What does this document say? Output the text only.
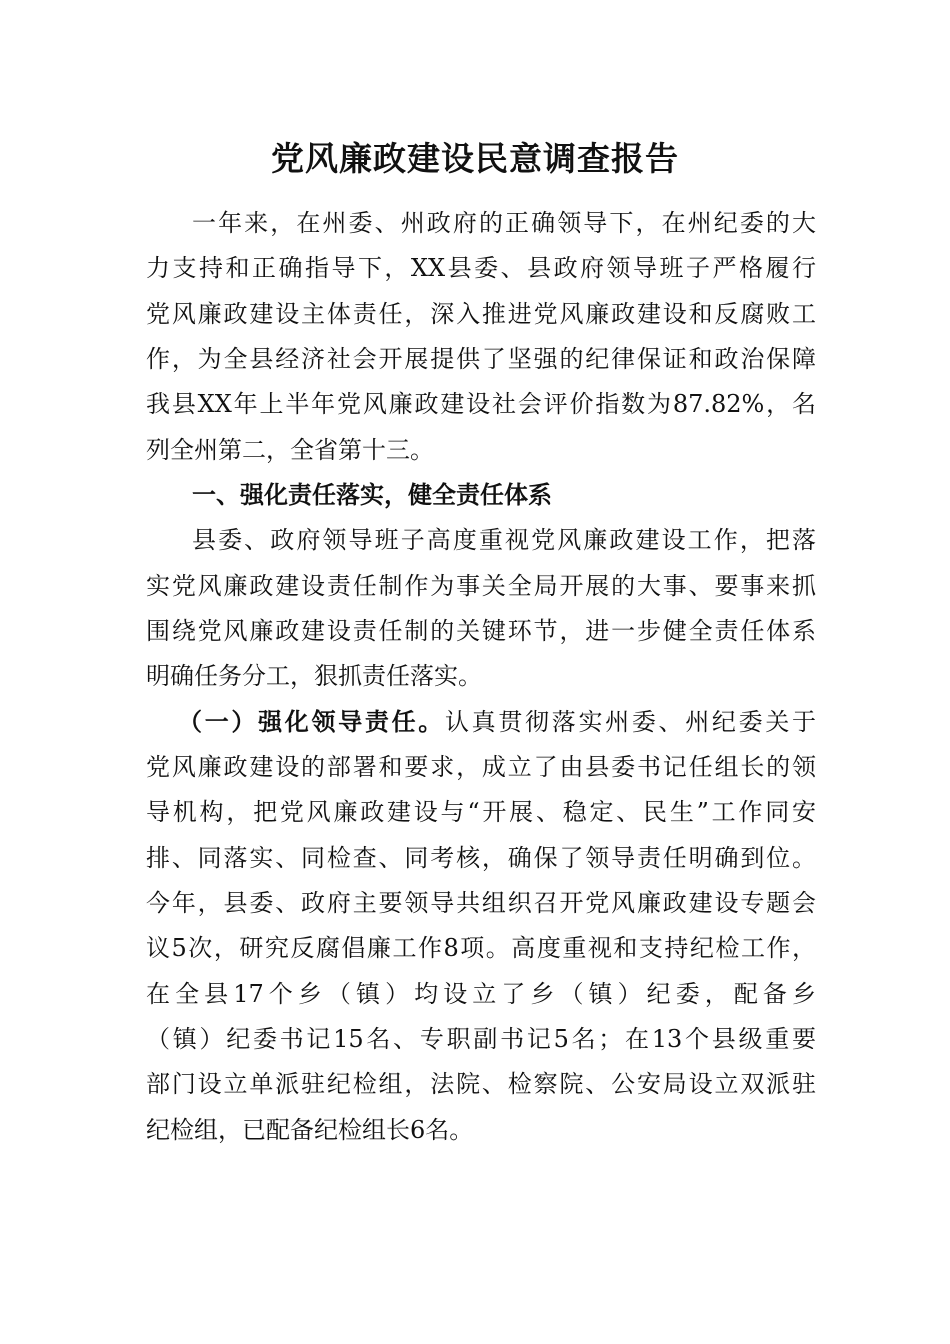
党风廉政建设民意调查报告
一年来，在州委、州政府的正确领导下，在州纪委的大
力支持和正确指导下，XX县委、县政府领导班子严格履行
党风廉政建设主体责任，深入推进党风廉政建设和反腐败工
作，为全县经济社会开展提供了坚强的纪律保证和政治保障
我县XX年上半年党风廉政建设社会评价指数为87.82%，名
列全州第二，全省第十三。
一、强化责任落实，健全责任体系
县委、政府领导班子高度重视党风廉政建设工作，把落
实党风廉政建设责任制作为事关全局开展的大事、要事来抓
围绕党风廉政建设责任制的关键环节，进一步健全责任体系
明确任务分工，狠抓责任落实。
（一）强化领导责任。认真贯彻落实州委、州纪委关于
党风廉政建设的部署和要求，成立了由县委书记任组长的领
导机构，把党风廉政建设与“开展、稳定、民生”工作同安
排、同落实、同检查、同考核，确保了领导责任明确到位。
今年，县委、政府主要领导共组织召开党风廉政建设专题会
议5次，研究反腐倡廉工作8项。高度重视和支持纪检工作，
在全县17个乡（镇）均设立了乡（镇）纪委，配备乡
（镇）纪委书记15名、专职副书记5名；在13个县级重要
部门设立单派驻纪检组，法院、检察院、公安局设立双派驻
纪检组，已配备纪检组长6名。
